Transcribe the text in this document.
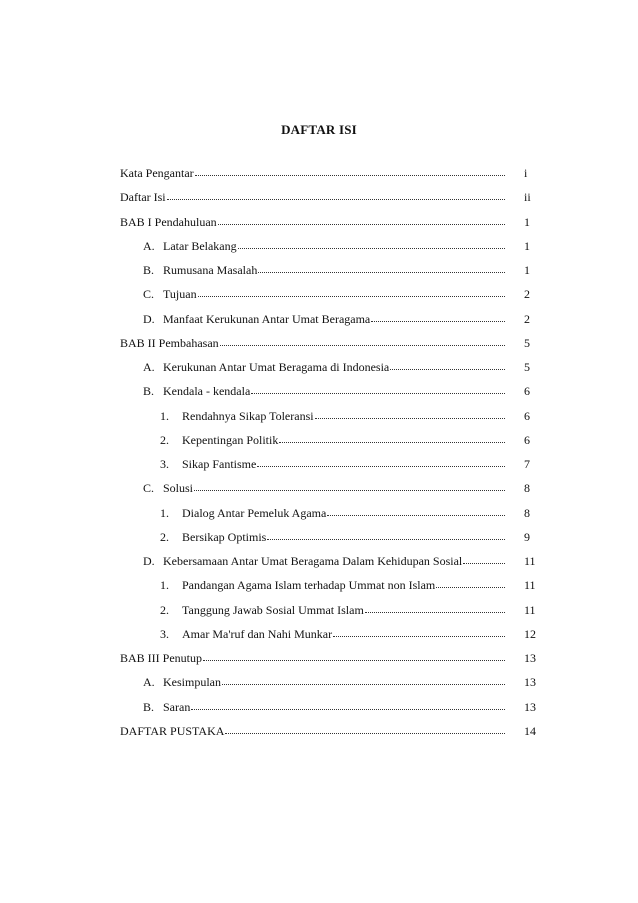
DAFTAR ISI
Kata Pengantar	i
Daftar Isi	ii
BAB I Pendahuluan	1
A. Latar Belakang	1
B. Rumusana Masalah	1
C. Tujuan	2
D. Manfaat Kerukunan Antar Umat Beragama	2
BAB II Pembahasan	5
A. Kerukunan Antar Umat Beragama di Indonesia	5
B. Kendala - kendala	6
1.	Rendahnya Sikap Toleransi	6
2.	Kepentingan Politik	6
3.	Sikap Fantisme	7
C. Solusi	8
1.	Dialog Antar Pemeluk Agama	8
2.	Bersikap Optimis	9
D. Kebersamaan Antar Umat Beragama Dalam Kehidupan Sosial	11
1.	Pandangan Agama Islam terhadap Ummat non Islam	11
2.	Tanggung Jawab Sosial Ummat Islam	11
3.	Amar Ma'ruf dan Nahi Munkar	12
BAB III Penutup	13
A. Kesimpulan	13
B. Saran	13
DAFTAR PUSTAKA	14
